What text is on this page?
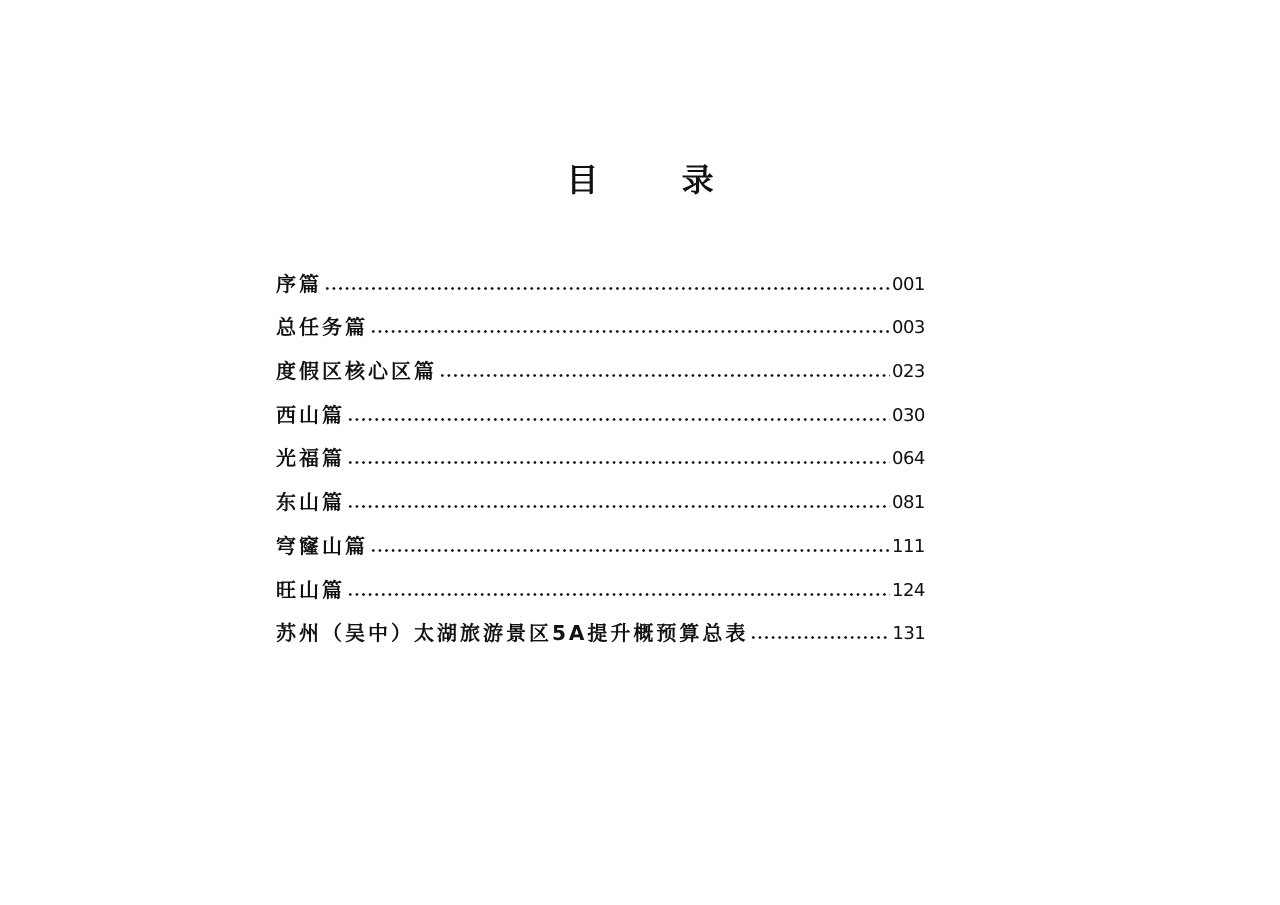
目 录
序篇	001
总任务篇	003
度假区核心区篇	023
西山篇	030
光福篇	064
东山篇	081
穹窿山篇	111
旺山篇	124
苏州（吴中）太湖旅游景区5A提升概预算总表	131
